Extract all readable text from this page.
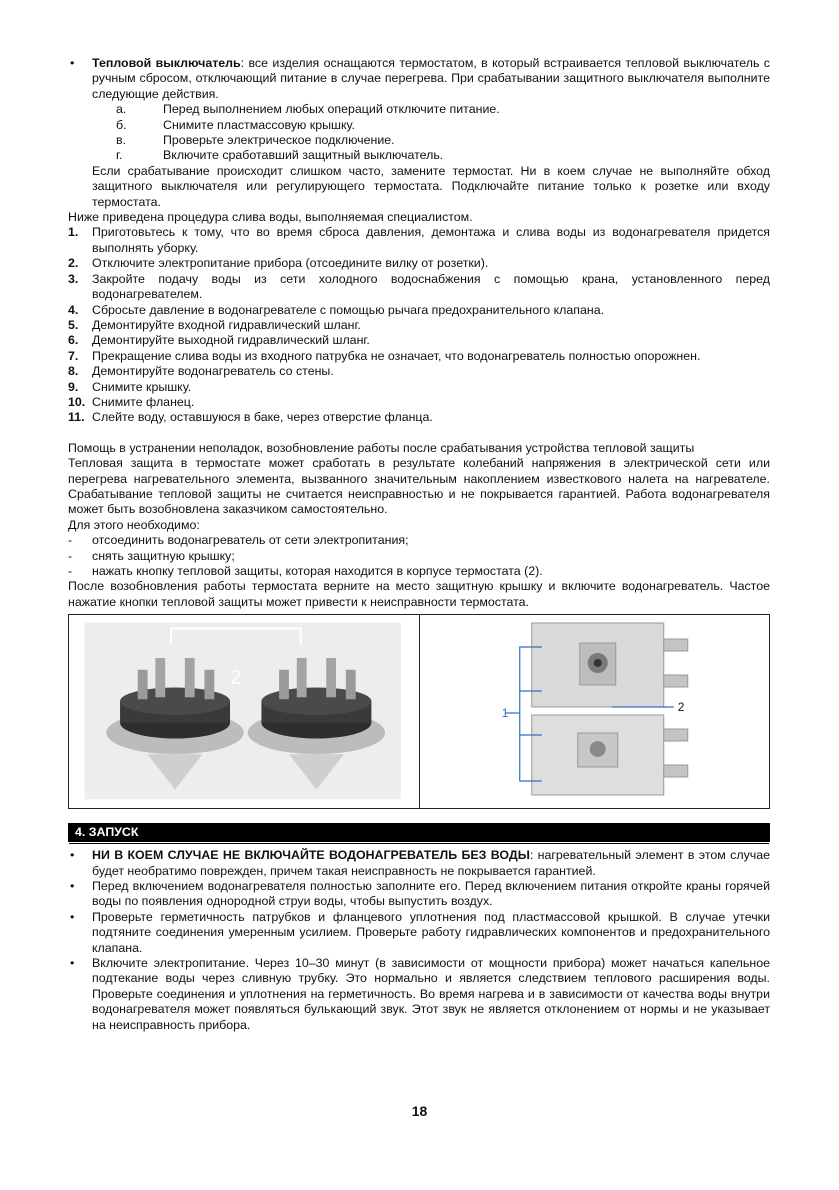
• Тепловой выключатель: все изделия оснащаются термостатом, в который встраивается тепловой выключатель с ручным сбросом, отключающий питание в случае перегрева. При срабатывании защитного выключателя выполните следующие действия.

a.	Перед выполнением любых операций отключите питание.

б.	Снимите пластмассовую крышку.

в.	Проверьте электрическое подключение.

г.	Включите сработавший защитный выключатель.

Если срабатывание происходит слишком часто, замените термостат. Ни в коем случае не выполняйте обход защитного выключателя или регулирующего термостата. Подключайте питание только к розетке или входу термостата.

Ниже приведена процедура слива воды, выполняемая специалистом.

1. Приготовьтесь к тому, что во время сброса давления, демонтажа и слива воды из водонагревателя придется выполнять уборку.

2. Отключите электропитание прибора (отсоедините вилку от розетки).

3. Закройте подачу воды из сети холодного водоснабжения с помощью крана, установленного перед водонагревателем.

4. Сбросьте давление в водонагревателе с помощью рычага предохранительного клапана.

5. Демонтируйте входной гидравлический шланг.

6. Демонтируйте выходной гидравлический шланг.

7. Прекращение слива воды из входного патрубка не означает, что водонагреватель полностью опорожнен.

8. Демонтируйте водонагреватель со стены.

9. Снимите крышку.

10. Снимите фланец.

11. Слейте воду, оставшуюся в баке, через отверстие фланца.

Помощь в устранении неполадок, возобновление работы после срабатывания устройства тепловой защиты

Тепловая защита в термостате может сработать в результате колебаний напряжения в электрической сети или перегрева нагревательного элемента, вызванного значительным накоплением известкового налета на нагревателе. Срабатывание тепловой защиты не считается неисправностью и не покрывается гарантией. Работа водонагревателя может быть возобновлена заказчиком самостоятельно.

Для этого необходимо:

- отсоединить водонагреватель от сети электропитания;

- снять защитную крышку;

- нажать кнопку тепловой защиты, которая находится в корпусе термостата (2).

После возобновления работы термостата верните на место защитную крышку и включите водонагреватель. Частое нажатие кнопки тепловой защиты может привести к неисправности термостата.

2
1	2
4. ЗАПУСК

• НИ В КОЕМ СЛУЧАЕ НЕ ВКЛЮЧАЙТЕ ВОДОНАГРЕВАТЕЛЬ БЕЗ ВОДЫ: нагревательный элемент в этом случае будет необратимо поврежден, причем такая неисправность не покрывается гарантией.

• Перед включением водонагревателя полностью заполните его. Перед включением питания откройте краны горячей воды по появления однородной струи воды, чтобы выпустить воздух.

• Проверьте герметичность патрубков и фланцевого уплотнения под пластмассовой крышкой. В случае утечки подтяните соединения умеренным усилием. Проверьте работу гидравлических компонентов и предохранительного клапана.

• Включите электропитание. Через 10–30 минут (в зависимости от мощности прибора) может начаться капельное подтекание воды через сливную трубку. Это нормально и является следствием теплового расширения воды. Проверьте соединения и уплотнения на герметичность. Во время нагрева и в зависимости от качества воды внутри водонагревателя может появляться булькающий звук. Этот звук не является отклонением от нормы и не указывает на неисправность прибора.

18
